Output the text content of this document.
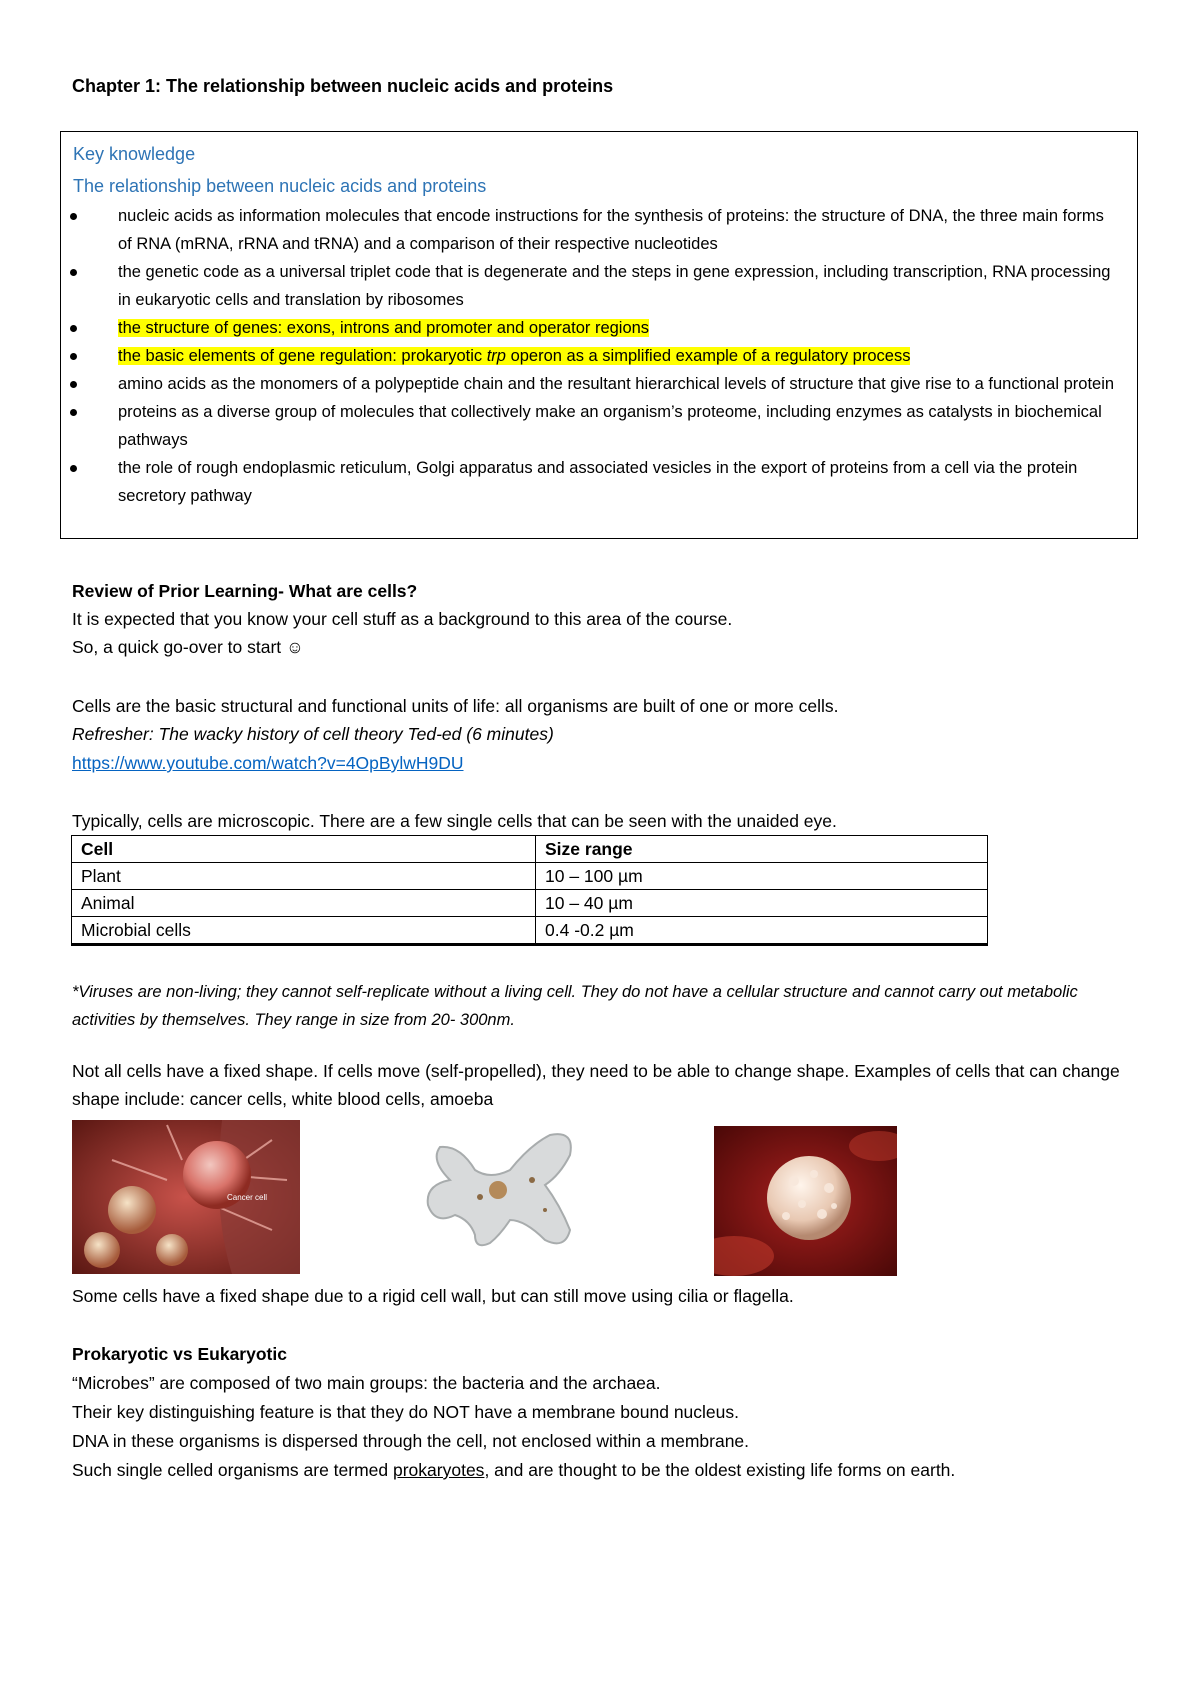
Chapter 1: The relationship between nucleic acids and proteins
Key knowledge
The relationship between nucleic acids and proteins
nucleic acids as information molecules that encode instructions for the synthesis of proteins: the structure of DNA, the three main forms of RNA (mRNA, rRNA and tRNA) and a comparison of their respective nucleotides
the genetic code as a universal triplet code that is degenerate and the steps in gene expression, including transcription, RNA processing in eukaryotic cells and translation by ribosomes
the structure of genes: exons, introns and promoter and operator regions
the basic elements of gene regulation: prokaryotic trp operon as a simplified example of a regulatory process
amino acids as the monomers of a polypeptide chain and the resultant hierarchical levels of structure that give rise to a functional protein
proteins as a diverse group of molecules that collectively make an organism’s proteome, including enzymes as catalysts in biochemical pathways
the role of rough endoplasmic reticulum, Golgi apparatus and associated vesicles in the export of proteins from a cell via the protein secretory pathway
Review of Prior Learning- What are cells?
It is expected that you know your cell stuff as a background to this area of the course.
So, a quick go-over to start ☺
Cells are the basic structural and functional units of life: all organisms are built of one or more cells.
Refresher: The wacky history of cell theory Ted-ed (6 minutes)
https://www.youtube.com/watch?v=4OpBylwH9DU
Typically, cells are microscopic. There are a few single cells that can be seen with the unaided eye.
Cell	Size range
Plant	10 – 100 µm
Animal	10 – 40 µm
Microbial cells	0.4 -0.2 µm
*Viruses are non-living; they cannot self-replicate without a living cell. They do not have a cellular structure and cannot carry out metabolic activities by themselves. They range in size from 20- 300nm.
Not all cells have a fixed shape. If cells move (self-propelled), they need to be able to change shape. Examples of cells that can change shape include: cancer cells, white blood cells, amoeba
Cancer cell
Some cells have a fixed shape due to a rigid cell wall, but can still move using cilia or flagella.
Prokaryotic vs Eukaryotic
“Microbes” are composed of two main groups: the bacteria and the archaea.
Their key distinguishing feature is that they do NOT have a membrane bound nucleus.
DNA in these organisms is dispersed through the cell, not enclosed within a membrane.
Such single celled organisms are termed prokaryotes, and are thought to be the oldest existing life forms on earth.
